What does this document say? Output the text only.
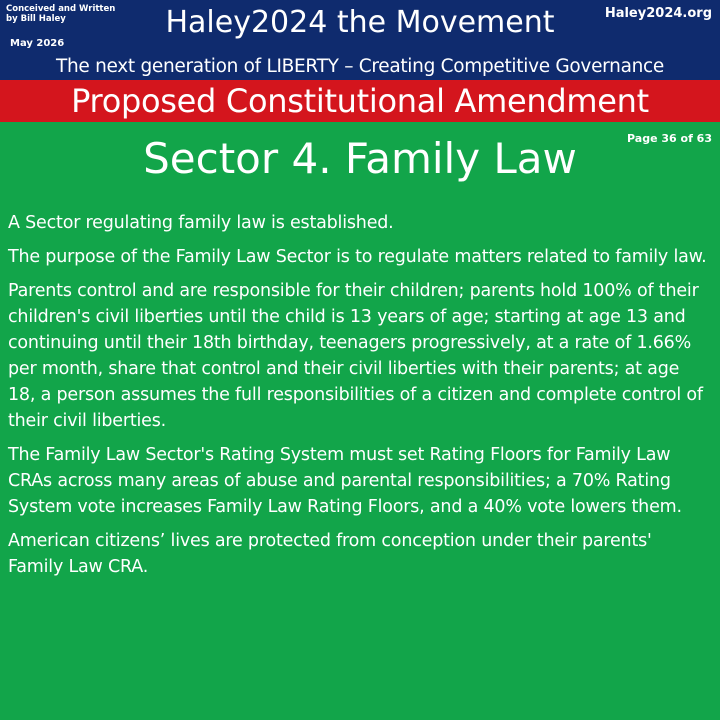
Conceived and Written
by Bill Haley
May 2026
Haley2024 the Movement	Haley2024.org
The next generation of LIBERTY – Creating Competitive Governance
Proposed Constitutional Amendment
Sector 4. Family Law	Page 36 of 63

A Sector regulating family law is established.

The purpose of the Family Law Sector is to regulate matters related to family law.

Parents control and are responsible for their children; parents hold 100% of their children's civil liberties until the child is 13 years of age; starting at age 13 and continuing until their 18th birthday, teenagers progressively, at a rate of 1.66% per month, share that control and their civil liberties with their parents; at age 18, a person assumes the full responsibilities of a citizen and complete control of their civil liberties.

The Family Law Sector's Rating System must set Rating Floors for Family Law CRAs across many areas of abuse and parental responsibilities; a 70% Rating System vote increases Family Law Rating Floors, and a 40% vote lowers them.

American citizens’ lives are protected from conception under their parents' Family Law CRA.
